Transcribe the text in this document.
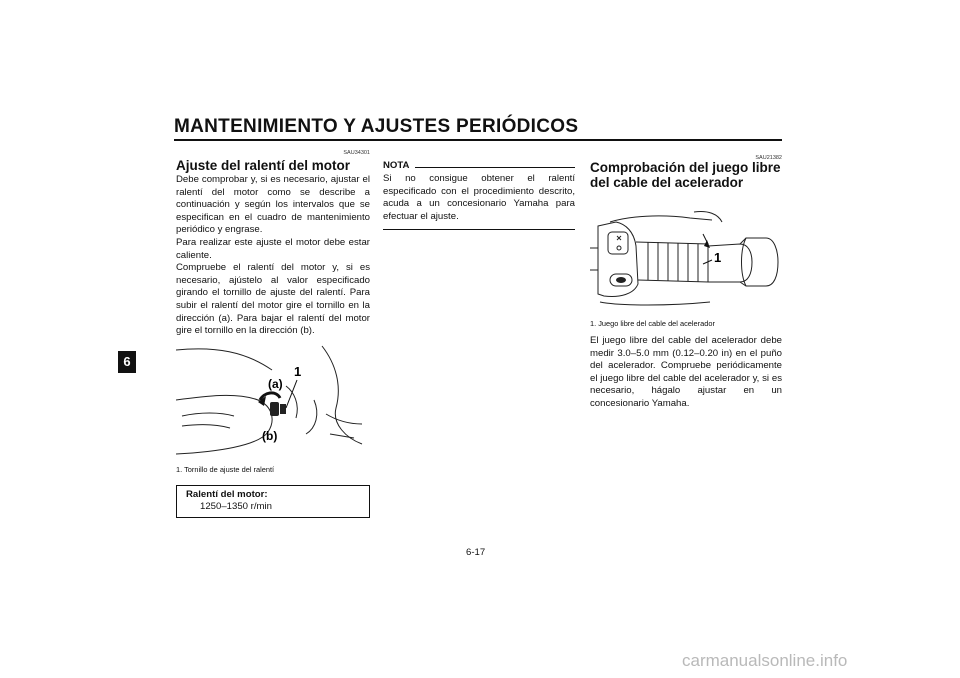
MANTENIMIENTO Y AJUSTES PERIÓDICOS
6
SAU34301
Ajuste del ralentí del motor

Debe comprobar y, si es necesario, ajustar el ralentí del motor como se describe a continuación y según los intervalos que se especifican en el cuadro de mantenimiento periódico y engrase.

Para realizar este ajuste el motor debe estar caliente.

Compruebe el ralentí del motor y, si es necesario, ajústelo al valor especificado girando el tornillo de ajuste del ralentí. Para subir el ralentí del motor gire el tornillo en la dirección (a). Para bajar el ralentí del motor gire el tornillo en la dirección (b).

(a)
(b)
1
1. Tornillo de ajuste del ralentí
Ralentí del motor:
1250–1350 r/min
NOTA

Si no consigue obtener el ralentí especificado con el procedimiento descrito, acuda a un concesionario Yamaha para efectuar el ajuste.

SAU21382
Comprobación del juego libre del cable del acelerador
1
1. Juego libre del cable del acelerador

El juego libre del cable del acelerador debe medir 3.0–5.0 mm (0.12–0.20 in) en el puño del acelerador. Compruebe periódicamente el juego libre del cable del acelerador y, si es necesario, hágalo ajustar en un concesionario Yamaha.

6-17
carmanualsonline.info
